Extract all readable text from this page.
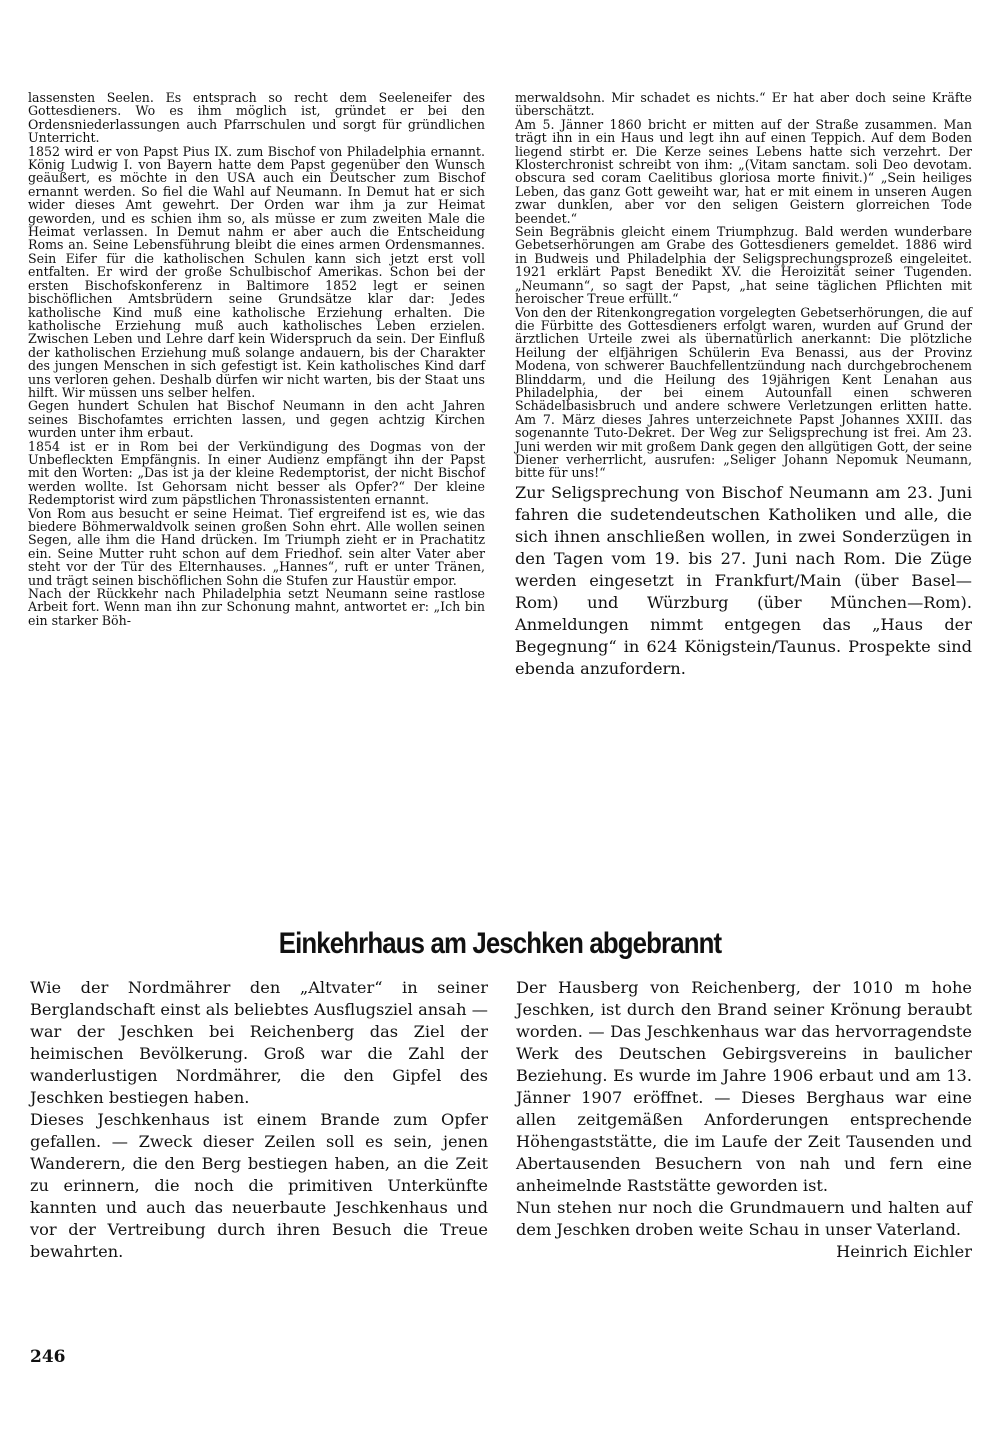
lassensten Seelen. Es entsprach so recht dem Seeleneifer des Gottesdieners. Wo es ihm möglich ist, gründet er bei den Ordensniederlassungen auch Pfarrschulen und sorgt für gründlichen Unterricht.

1852 wird er von Papst Pius IX. zum Bischof von Philadelphia ernannt. König Ludwig I. von Bayern hatte dem Papst gegenüber den Wunsch geäußert, es möchte in den USA auch ein Deutscher zum Bischof ernannt werden. So fiel die Wahl auf Neumann. In Demut hat er sich wider dieses Amt gewehrt. Der Orden war ihm ja zur Heimat geworden, und es schien ihm so, als müsse er zum zweiten Male die Heimat verlassen. In Demut nahm er aber auch die Entscheidung Roms an. Seine Lebensführung bleibt die eines armen Ordensmannes. Sein Eifer für die katholischen Schulen kann sich jetzt erst voll entfalten. Er wird der große Schulbischof Amerikas. Schon bei der ersten Bischofskonferenz in Baltimore 1852 legt er seinen bischöflichen Amtsbrüdern seine Grundsätze klar dar: Jedes katholische Kind muß eine katholische Erziehung erhalten. Die katholische Erziehung muß auch katholisches Leben erzielen. Zwischen Leben und Lehre darf kein Widerspruch da sein. Der Einfluß der katholischen Erziehung muß solange andauern, bis der Charakter des jungen Menschen in sich gefestigt ist. Kein katholisches Kind darf uns verloren gehen. Deshalb dürfen wir nicht warten, bis der Staat uns hilft. Wir müssen uns selber helfen.

Gegen hundert Schulen hat Bischof Neumann in den acht Jahren seines Bischofamtes errichten lassen, und gegen achtzig Kirchen wurden unter ihm erbaut.

1854 ist er in Rom bei der Verkündigung des Dogmas von der Unbefleckten Empfängnis. In einer Audienz empfängt ihn der Papst mit den Worten: „Das ist ja der kleine Redemptorist, der nicht Bischof werden wollte. Ist Gehorsam nicht besser als Opfer?“ Der kleine Redemptorist wird zum päpstlichen Thronassistenten ernannt.

Von Rom aus besucht er seine Heimat. Tief ergreifend ist es, wie das biedere Böhmerwaldvolk seinen großen Sohn ehrt. Alle wollen seinen Segen, alle ihm die Hand drücken. Im Triumph zieht er in Prachatitz ein. Seine Mutter ruht schon auf dem Friedhof. sein alter Vater aber steht vor der Tür des Elternhauses. „Hannes“, ruft er unter Tränen, und trägt seinen bischöflichen Sohn die Stufen zur Haustür empor.

Nach der Rückkehr nach Philadelphia setzt Neumann seine rastlose Arbeit fort. Wenn man ihn zur Schonung mahnt, antwortet er: „Ich bin ein starker Böh-

merwaldsohn. Mir schadet es nichts.“ Er hat aber doch seine Kräfte überschätzt.

Am 5. Jänner 1860 bricht er mitten auf der Straße zusammen. Man trägt ihn in ein Haus und legt ihn auf einen Teppich. Auf dem Boden liegend stirbt er. Die Kerze seines Lebens hatte sich verzehrt. Der Klosterchronist schreibt von ihm: „(Vitam sanctam. soli Deo devotam. obscura sed coram Caelitibus gloriosa morte finivit.)“ „Sein heiliges Leben, das ganz Gott geweiht war, hat er mit einem in unseren Augen zwar dunklen, aber vor den seligen Geistern glorreichen Tode beendet.“

Sein Begräbnis gleicht einem Triumphzug. Bald werden wunderbare Gebetserhörungen am Grabe des Gottesdieners gemeldet. 1886 wird in Budweis und Philadelphia der Seligsprechungsprozeß eingeleitet. 1921 erklärt Papst Benedikt XV. die Heroizität seiner Tugenden. „Neumann“, so sagt der Papst, „hat seine täglichen Pflichten mit heroischer Treue erfüllt.“

Von den der Ritenkongregation vorgelegten Gebetserhörungen, die auf die Fürbitte des Gottesdieners erfolgt waren, wurden auf Grund der ärztlichen Urteile zwei als übernatürlich anerkannt: Die plötzliche Heilung der elfjährigen Schülerin Eva Benassi, aus der Provinz Modena, von schwerer Bauchfellentzündung nach durchgebrochenem Blinddarm, und die Heilung des 19jährigen Kent Lenahan aus Philadelphia, der bei einem Autounfall einen schweren Schädelbasisbruch und andere schwere Verletzungen erlitten hatte. Am 7. März dieses Jahres unterzeichnete Papst Johannes XXIII. das sogenannte Tuto-Dekret. Der Weg zur Seligsprechung ist frei. Am 23. Juni werden wir mit großem Dank gegen den allgütigen Gott, der seine Diener verherrlicht, ausrufen: „Seliger Johann Nepomuk Neumann, bitte für uns!“

Zur Seligsprechung von Bischof Neumann am 23. Juni fahren die sudetendeutschen Katholiken und alle, die sich ihnen anschließen wollen, in zwei Sonderzügen in den Tagen vom 19. bis 27. Juni nach Rom. Die Züge werden eingesetzt in Frankfurt/Main (über Basel—Rom) und Würzburg (über München—Rom). Anmeldungen nimmt entgegen das „Haus der Begegnung“ in 624 Königstein/Taunus. Prospekte sind ebenda anzufordern.

Einkehrhaus am Jeschken abgebrannt

Wie der Nordmährer den „Altvater“ in seiner Berglandschaft einst als beliebtes Ausflugsziel ansah — war der Jeschken bei Reichenberg das Ziel der heimischen Bevölkerung. Groß war die Zahl der wanderlustigen Nordmährer, die den Gipfel des Jeschken bestiegen haben.

Dieses Jeschkenhaus ist einem Brande zum Opfer gefallen. — Zweck dieser Zeilen soll es sein, jenen Wanderern, die den Berg bestiegen haben, an die Zeit zu erinnern, die noch die primitiven Unterkünfte kannten und auch das neuerbaute Jeschkenhaus und vor der Vertreibung durch ihren Besuch die Treue bewahrten.

Der Hausberg von Reichenberg, der 1010 m hohe Jeschken, ist durch den Brand seiner Krönung beraubt worden. — Das Jeschkenhaus war das hervorragendste Werk des Deutschen Gebirgsvereins in baulicher Beziehung. Es wurde im Jahre 1906 erbaut und am 13. Jänner 1907 eröffnet. — Dieses Berghaus war eine allen zeitgemäßen Anforderungen entsprechende Höhengaststätte, die im Laufe der Zeit Tausenden und Abertausenden Besuchern von nah und fern eine anheimelnde Raststätte geworden ist.

Nun stehen nur noch die Grundmauern und halten auf dem Jeschken droben weite Schau in unser Vaterland.
Heinrich Eichler

246
